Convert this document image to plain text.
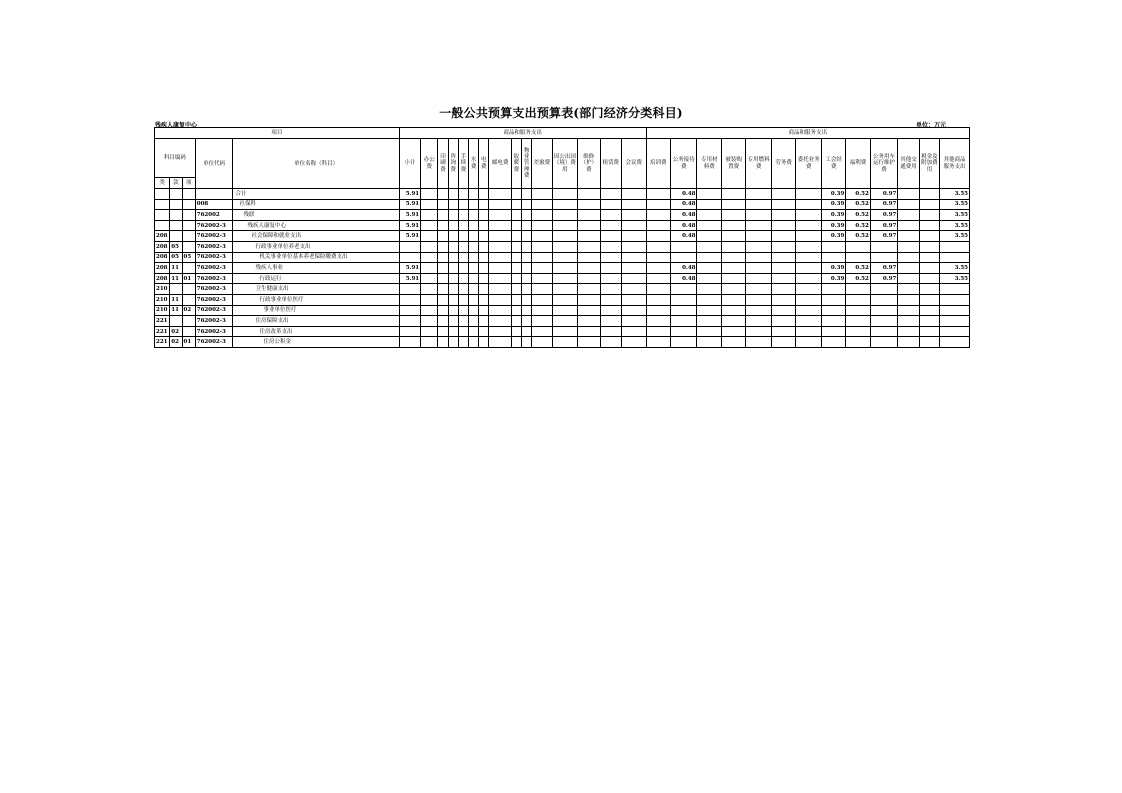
一般公共预算支出预算表(部门经济分类科目)
残疾人康复中心	单位：万元
项目					商品和服务支出															商品和服务支出												
科目编码			单位代码	单位名称（科目）	小计	办公费	印刷费	咨询费	手续费	水费	电费	邮电费	取暖费	物业管理费	差旅费	因公出国（境）费用	维修（护）费	租赁费	会议费	培训费	公务接待费	专用材料费	被装购置费	专用燃料费	劳务费	委托业务费	工会经费	福利费	公务用车运行维护费	其他交通费用	税金及附加费用	其他商品服务支出
类	款	项																														
				合计	5.91																0.48						0.39	0.52	0.97			3.55
			008	社保科	5.91																0.48						0.39	0.52	0.97			3.55
			762002	残联	5.91																0.48						0.39	0.52	0.97			3.55
			762002-3	残疾人康复中心	5.91																0.48						0.39	0.52	0.97			3.55
208			762002-3	社会保障和就业支出	5.91																0.48						0.39	0.52	0.97			3.55
208	05		762002-3	行政事业单位养老支出																												
208	05	05	762002-3	机关事业单位基本养老保险缴费支出																												
208	11		762002-3	残疾人事业	5.91																0.48						0.39	0.52	0.97			3.55
208	11	01	762002-3	行政运行	5.91																0.48						0.39	0.52	0.97			3.55
210			762002-3	卫生健康支出																												
210	11		762002-3	行政事业单位医疗																												
210	11	02	762002-3	事业单位医疗																												
221			762002-3	住房保障支出																												
221	02		762002-3	住房改革支出																												
221	02	01	762002-3	住房公积金																												
